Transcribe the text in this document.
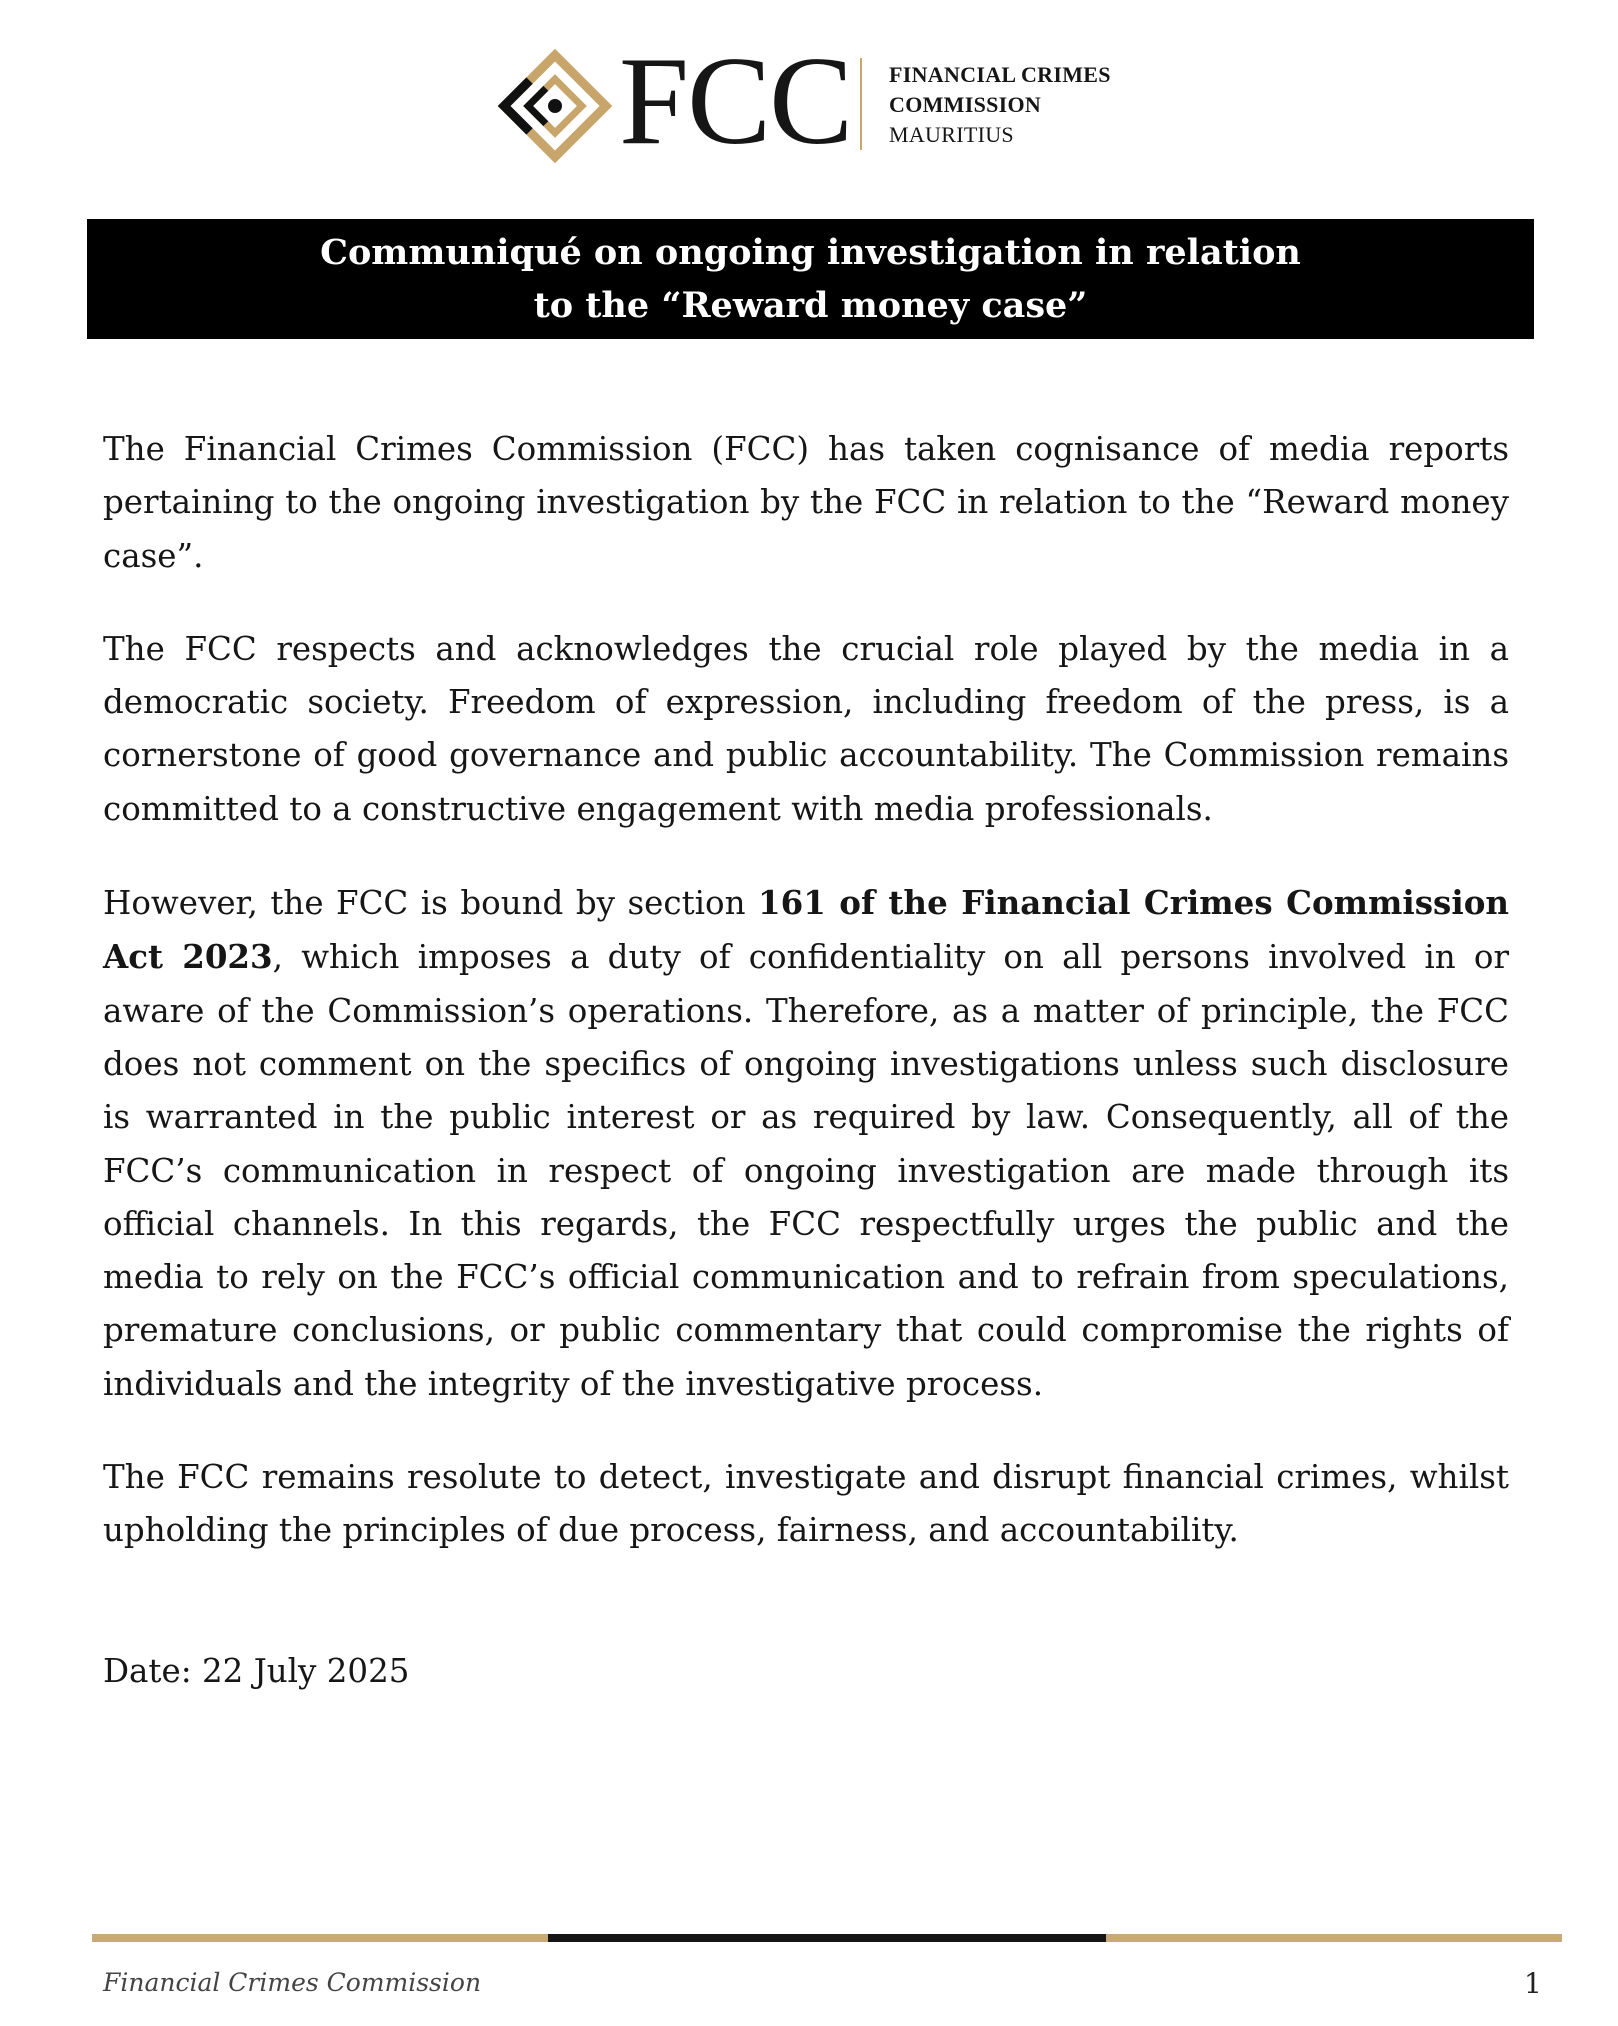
FCC FINANCIAL CRIMES
COMMISSION
MAURITIUS
Communiqué on ongoing investigation in relation
to the “Reward money case”

The Financial Crimes Commission (FCC) has taken cognisance of media reports pertaining to the ongoing investigation by the FCC in relation to the “Reward money case”.

The FCC respects and acknowledges the crucial role played by the media in a democratic society. Freedom of expression, including freedom of the press, is a cornerstone of good governance and public accountability. The Commission remains committed to a constructive engagement with media professionals.

However, the FCC is bound by section 161 of the Financial Crimes Commission Act 2023, which imposes a duty of confidentiality on all persons involved in or aware of the Commission’s operations. Therefore, as a matter of principle, the FCC does not comment on the specifics of ongoing investigations unless such disclosure is warranted in the public interest or as required by law. Consequently, all of the FCC’s communication in respect of ongoing investigation are made through its official channels. In this regards, the FCC respectfully urges the public and the media to rely on the FCC’s official communication and to refrain from speculations, premature conclusions, or public commentary that could compromise the rights of individuals and the integrity of the investigative process.

The FCC remains resolute to detect, investigate and disrupt financial crimes, whilst upholding the principles of due process, fairness, and accountability.

Date: 22 July 2025
Financial Crimes Commission	1
